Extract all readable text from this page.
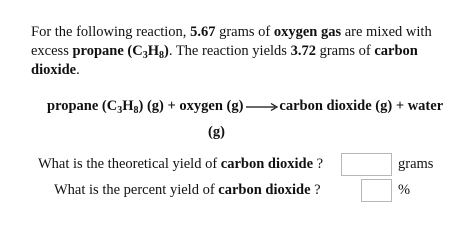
For the following reaction, 5.67 grams of oxygen gas are mixed with excess propane $(C_3H_8)$. The reaction yields 3.72 grams of carbon dioxide.
propane $(C_3H_8) (g)$ + oxygen (g) carbon dioxide (g) + water
(g)
What is the theoretical yield of carbon dioxide ?	grams
What is the percent yield of carbon dioxide ?	%
